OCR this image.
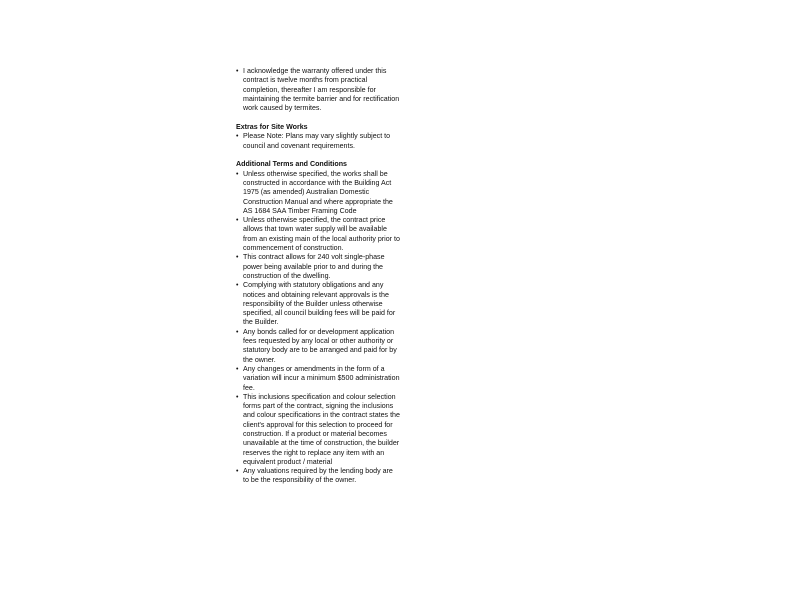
• I acknowledge the warranty offered under this contract is twelve months from practical completion, thereafter I am responsible for maintaining the termite barrier and for rectification work caused by termites.

Extras for Site Works

• Please Note: Plans may vary slightly subject to council and covenant requirements.

Additional Terms and Conditions

• Unless otherwise specified, the works shall be constructed in accordance with the Building Act 1975 (as amended) Australian Domestic Construction Manual and where appropriate the AS 1684 SAA Timber Framing Code
• Unless otherwise specified, the contract price allows that town water supply will be available from an existing main of the local authority prior to commencement of construction.
• This contract allows for 240 volt single-phase power being available prior to and during the construction of the dwelling.
• Complying with statutory obligations and any notices and obtaining relevant approvals is the responsibility of the Builder unless otherwise specified, all council building fees will be paid for the Builder.
• Any bonds called for or development application fees requested by any local or other authority or statutory body are to be arranged and paid for by the owner.
• Any changes or amendments in the form of a variation will incur a minimum $500 administration fee.
• This inclusions specification and colour selection forms part of the contract, signing the inclusions and colour specifications in the contract states the client's approval for this selection to proceed for construction. If a product or material becomes unavailable at the time of construction, the builder reserves the right to replace any item with an equivalent product / material
• Any valuations required by the lending body are to be the responsibility of the owner.
